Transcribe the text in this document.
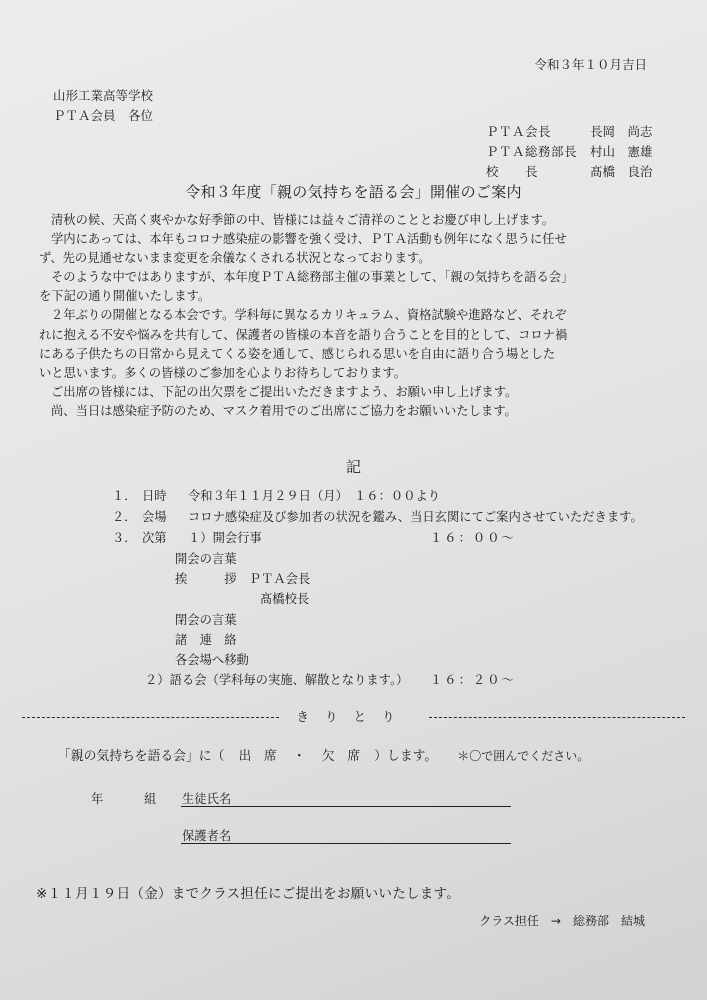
令和３年１０月吉日
山形工業高等学校
ＰＴＡ会員　各位
ＰＴＡ会長	長岡　尚志
ＰＴＡ総務部長	村山　憲雄
校　　長	髙橋　良治
令和３年度「親の気持ちを語る会」開催のご案内

清秋の候、天高く爽やかな好季節の中、皆様には益々ご清祥のこととお慶び申し上げます。

学内にあっては、本年もコロナ感染症の影響を強く受け、ＰＴＡ活動も例年になく思うに任せ

ず、先の見通せないまま変更を余儀なくされる状況となっております。

そのような中ではありますが、本年度ＰＴＡ総務部主催の事業として、「親の気持ちを語る会」

を下記の通り開催いたします。

２年ぶりの開催となる本会です。学科毎に異なるカリキュラム、資格試験や進路など、それぞ

れに抱える不安や悩みを共有して、保護者の皆様の本音を語り合うことを目的として、コロナ禍

にある子供たちの日常から見えてくる姿を通して、感じられる思いを自由に語り合う場とした

いと思います。多くの皆様のご参加を心よりお待ちしております。

ご出席の皆様には、下記の出欠票をご提出いただきますよう、お願い申し上げます。

尚、当日は感染症予防のため、マスク着用でのご出席にご協力をお願いいたします。

記
１． 日時 令和３年１１月２９日（月）　１６：００より
２． 会場 コロナ感染症及び参加者の状況を鑑み、当日玄関にてご案内させていただきます。
３． 次第 １）開会行事	１６：００～
開会の言葉
挨　　　拶　ＰＴＡ会長
髙橋校長
閉会の言葉
諸　連　絡
各会場へ移動
２）語る会（学科毎の実施、解散となります。） １６：２０～
きりとり
「親の気持ちを語る会」に（ 出　席 ・ 欠　席 ）します。 ＊〇で囲んでください。
年	組 生徒氏名
保護者名
※１１月１９日（金）までクラス担任にご提出をお願いいたします。
クラス担任　→　総務部　結城
